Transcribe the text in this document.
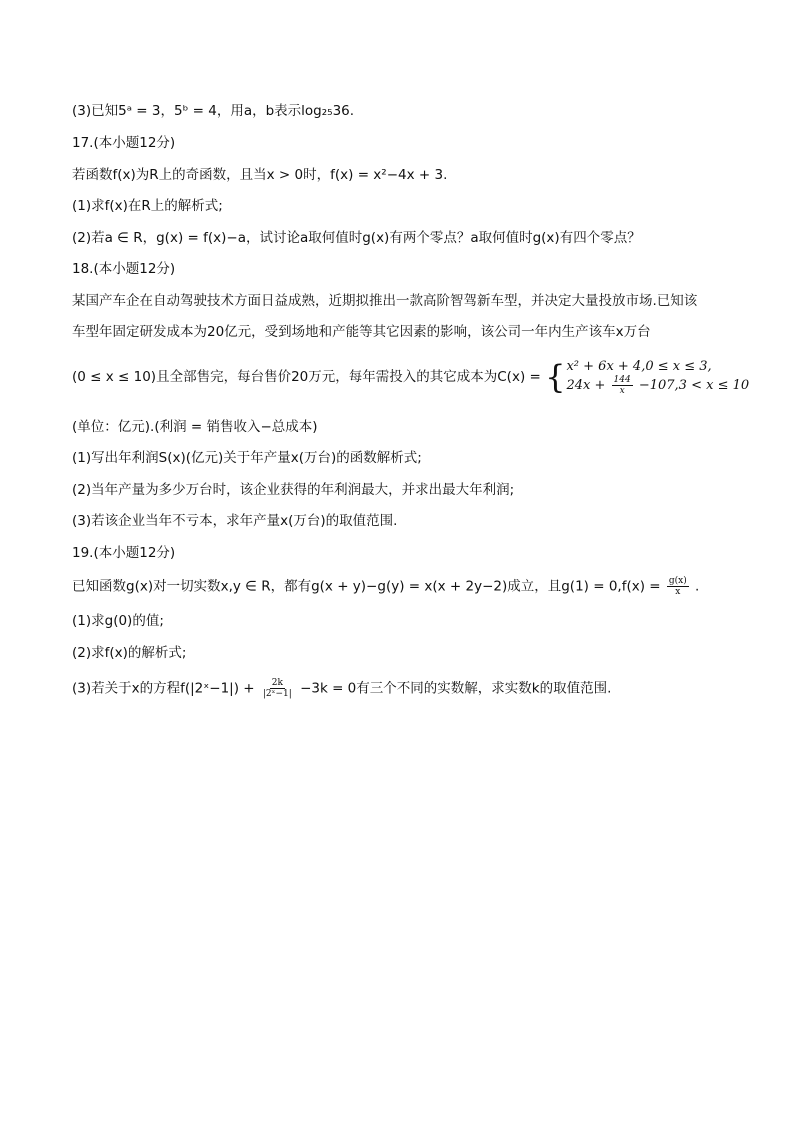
(3)已知5ᵃ = 3，5ᵇ = 4，用a，b表示log₂₅36.
17.(本小题12分)
若函数f(x)为R上的奇函数，且当x > 0时，f(x) = x²−4x + 3.
(1)求f(x)在R上的解析式;
(2)若a ∈ R，g(x) = f(x)−a，试讨论a取何值时g(x)有两个零点？a取何值时g(x)有四个零点？
18.(本小题12分)
某国产车企在自动驾驶技术方面日益成熟，近期拟推出一款高阶智驾新车型，并决定大量投放市场.已知该
车型年固定研发成本为20亿元，受到场地和产能等其它因素的影响，该公司一年内生产该车x万台
(0 ≤ x ≤ 10)且全部售完，每台售价20万元，每年需投入的其它成本为C(x) = { x² + 6x + 4,0 ≤ x ≤ 3,
$24x + \frac{144}{x} -107,3 < x \le 10$
(单位：亿元).(利润 = 销售收入−总成本)
(1)写出年利润S(x)(亿元)关于年产量x(万台)的函数解析式;
(2)当年产量为多少万台时，该企业获得的年利润最大，并求出最大年利润;
(3)若该企业当年不亏本，求年产量x(万台)的取值范围.
19.(本小题12分)
已知函数g(x)对一切实数x,y ∈ R，都有g(x + y)−g(y) = x(x + 2y−2)成立，且$g(1) = 0,f(x) = \frac{g(x)}{x}$ .
(1)求g(0)的值;
(2)求f(x)的解析式;
(3)若关于x的方程f(|2ˣ−1|) + $\frac{2k}{\text{|2ˣ−1|}} -3k = 0$有三个不同的实数解，求实数k的取值范围.
